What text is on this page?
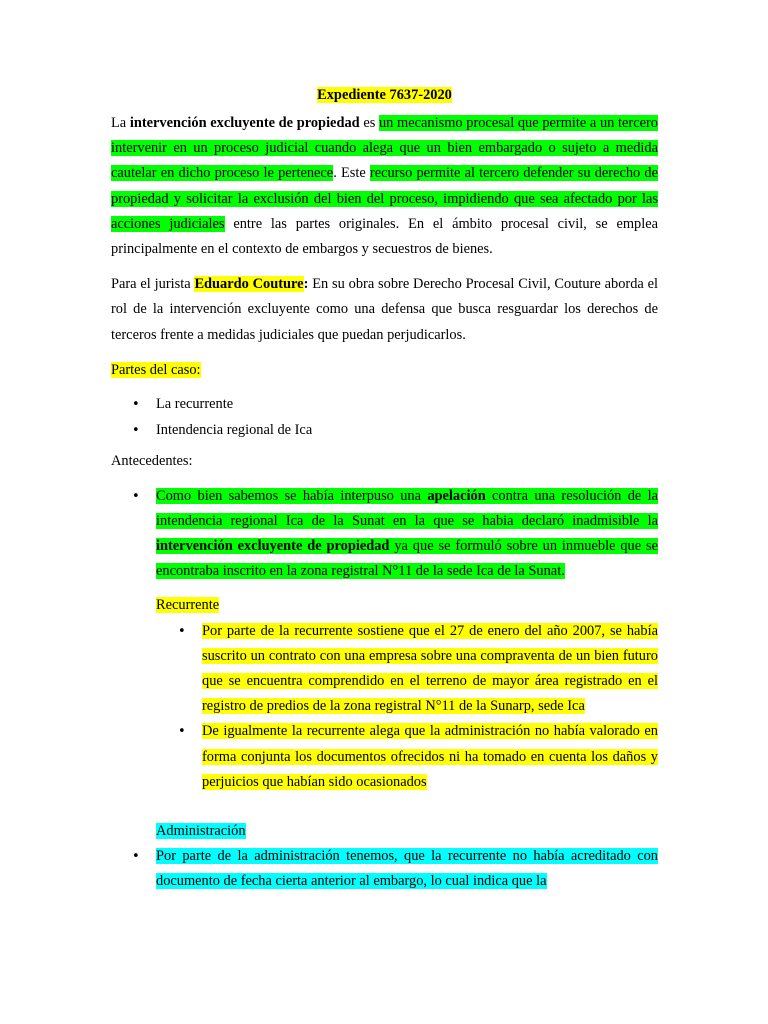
Expediente 7637-2020

La intervención excluyente de propiedad es un mecanismo procesal que permite a un tercero intervenir en un proceso judicial cuando alega que un bien embargado o sujeto a medida cautelar en dicho proceso le pertenece. Este recurso permite al tercero defender su derecho de propiedad y solicitar la exclusión del bien del proceso, impidiendo que sea afectado por las acciones judiciales entre las partes originales. En el ámbito procesal civil, se emplea principalmente en el contexto de embargos y secuestros de bienes.

Para el jurista Eduardo Couture: En su obra sobre Derecho Procesal Civil, Couture aborda el rol de la intervención excluyente como una defensa que busca resguardar los derechos de terceros frente a medidas judiciales que puedan perjudicarlos.

Partes del caso:

• La recurrente
• Intendencia regional de Ica

Antecedentes:

• Como bien sabemos se había interpuso una apelación contra una resolución de la intendencia regional Ica de la Sunat en la que se habia declaró inadmisible la intervención excluyente de propiedad ya que se formuló sobre un inmueble que se encontraba inscrito en la zona registral N°11 de la sede Ica de la Sunat.

Recurrente

• Por parte de la recurrente sostiene que el 27 de enero del año 2007, se había suscrito un contrato con una empresa sobre una compraventa de un bien futuro que se encuentra comprendido en el terreno de mayor área registrado en el registro de predios de la zona registral N°11 de la Sunarp, sede Ica
• De igualmente la recurrente alega que la administración no había valorado en forma conjunta los documentos ofrecidos ni ha tomado en cuenta los daños y perjuicios que habían sido ocasionados

Administración

• Por parte de la administración tenemos, que la recurrente no había acreditado con documento de fecha cierta anterior al embargo, lo cual indica que la
